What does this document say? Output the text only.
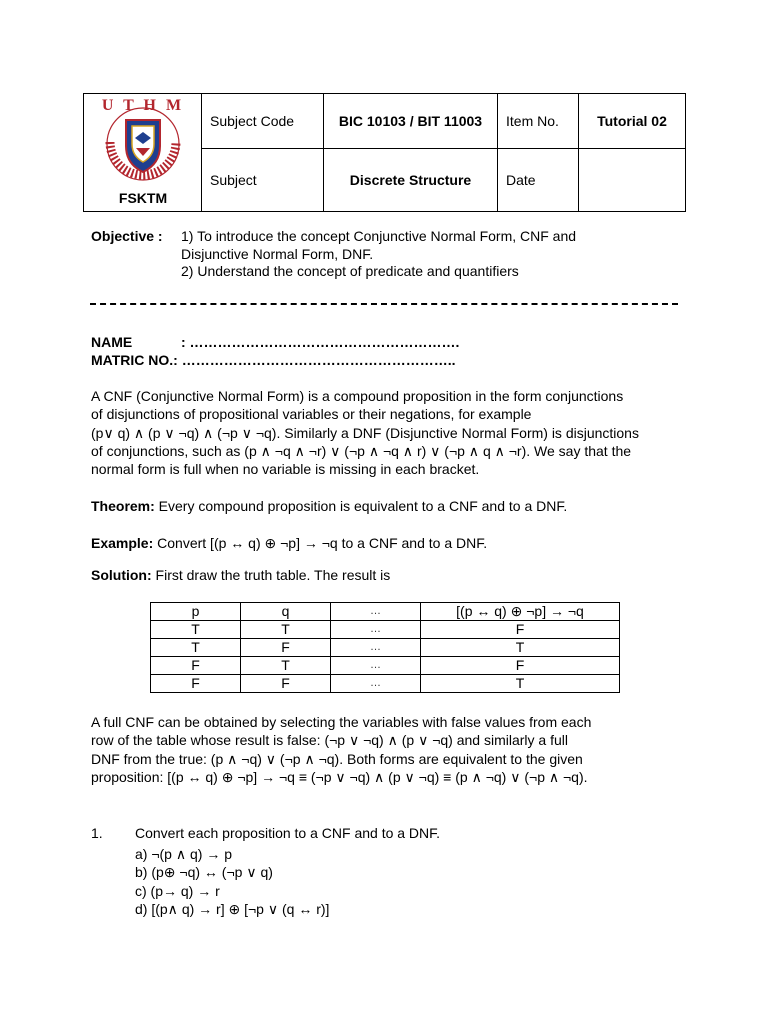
U T H M
FSKTM	Subject Code	BIC 10103 / BIT 11003	Item No.	Tutorial 02
	Subject	Discrete Structure	Date	
Objective : 1) To introduce the concept Conjunctive Normal Form, CNF and
Disjunctive Normal Form, DNF.
2) Understand the concept of predicate and quantifiers
NAME	: ………………………………………………….
MATRIC NO.: …………………………………………………..
A CNF (Conjunctive Normal Form) is a compound proposition in the form conjunctions
of disjunctions of propositional variables or their negations, for example
(p∨ q) ∧ (p ∨ ¬q) ∧ (¬p ∨ ¬q). Similarly a DNF (Disjunctive Normal Form) is disjunctions
of conjunctions, such as (p ∧ ¬q ∧ ¬r) ∨ (¬p ∧ ¬q ∧ r) ∨ (¬p ∧ q ∧ ¬r). We say that the
normal form is full when no variable is missing in each bracket.
Theorem: Every compound proposition is equivalent to a CNF and to a DNF.
Example: Convert [(p ↔ q) ⊕ ¬p] → ¬q to a CNF and to a DNF.
Solution: First draw the truth table. The result is
p	q	…	[(p ↔ q) ⊕ ¬p] → ¬q
T	T	…	F
T	F	…	T
F	T	…	F
F	F	…	T
A full CNF can be obtained by selecting the variables with false values from each
row of the table whose result is false: (¬p ∨ ¬q) ∧ (p ∨ ¬q) and similarly a full
DNF from the true: (p ∧ ¬q) ∨ (¬p ∧ ¬q). Both forms are equivalent to the given
proposition: [(p ↔ q) ⊕ ¬p] → ¬q ≡ (¬p ∨ ¬q) ∧ (p ∨ ¬q) ≡ (p ∧ ¬q) ∨ (¬p ∧ ¬q).
1. Convert each proposition to a CNF and to a DNF.
a) ¬(p ∧ q) → p
b) (p⊕ ¬q) ↔ (¬p ∨ q)
c) (p→ q) → r
d) [(p∧ q) → r] ⊕ [¬p ∨ (q ↔ r)]
